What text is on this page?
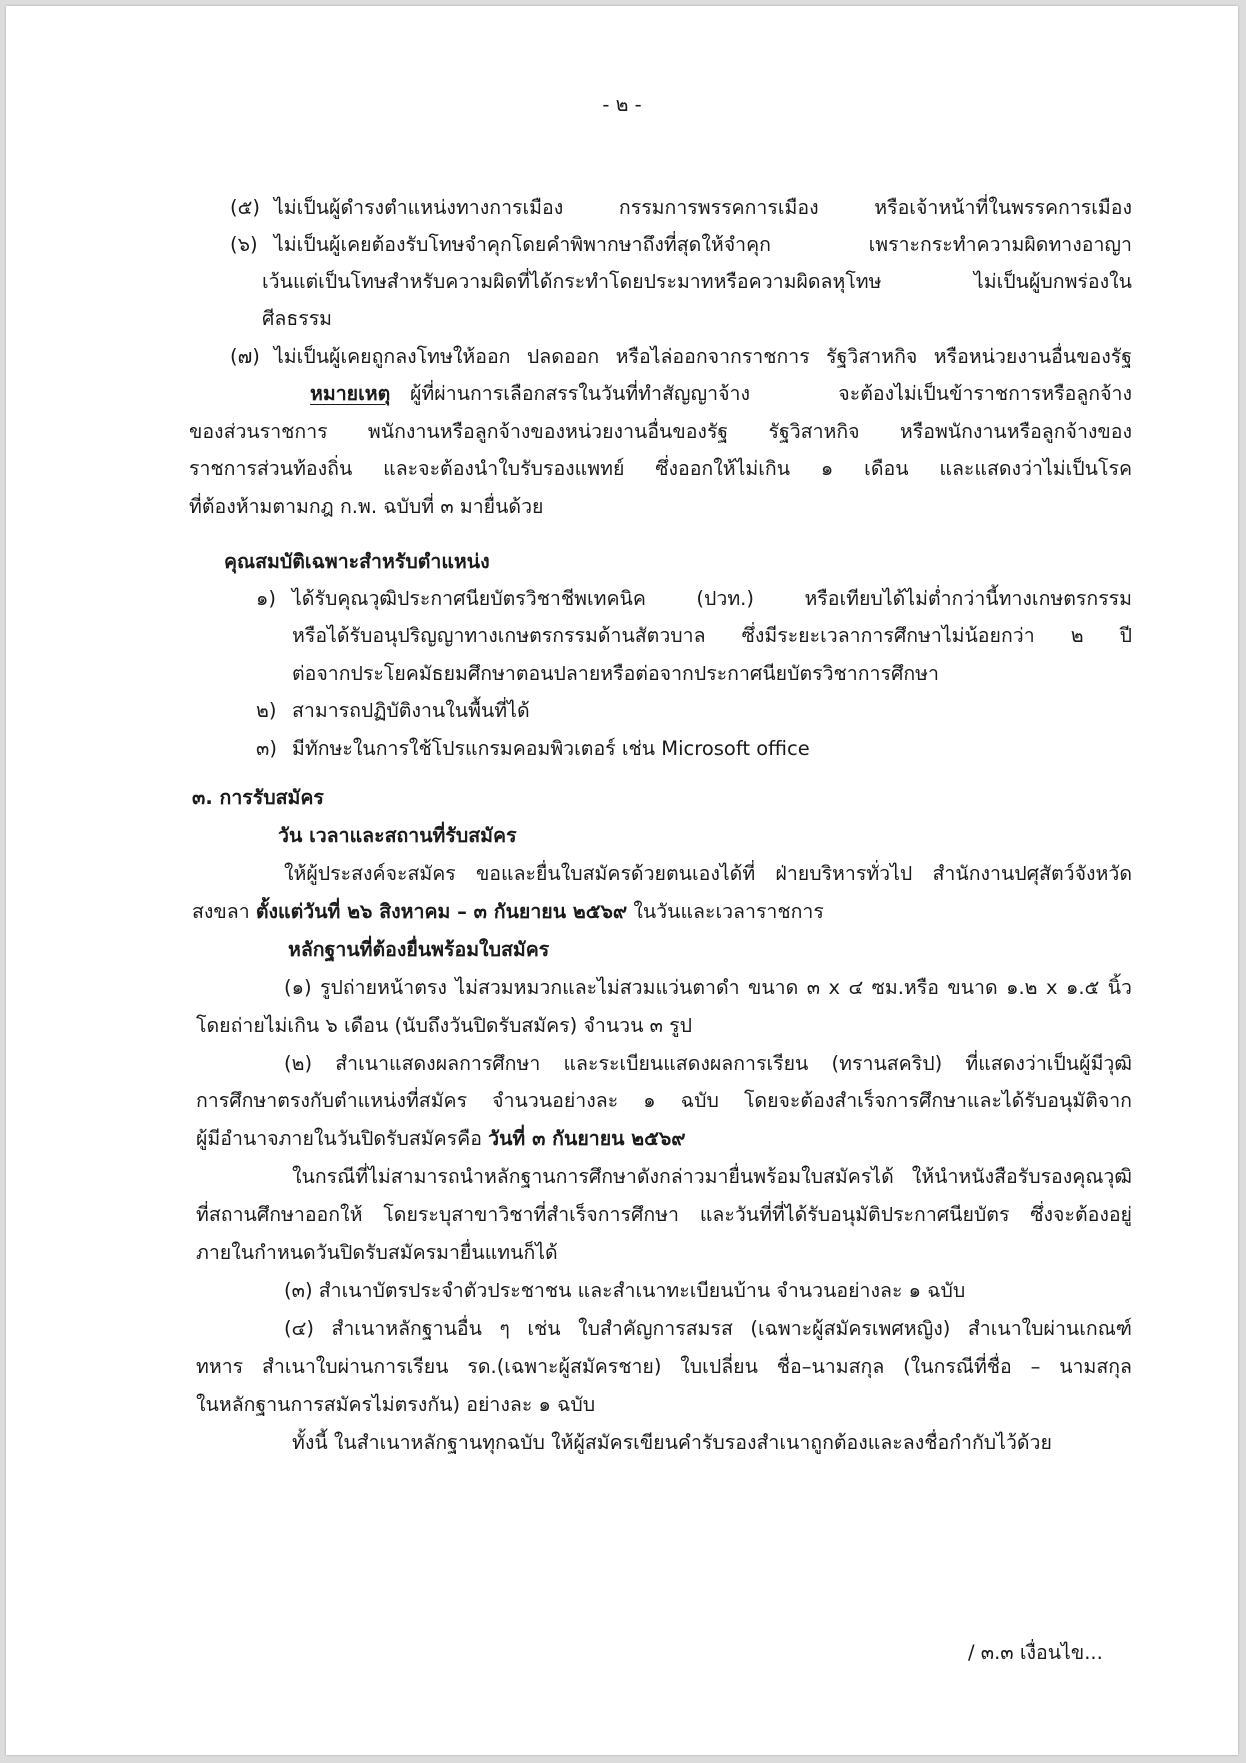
- ๒ -

(๕) ไม่เป็นผู้ดำรงตำแหน่งทางการเมือง กรรมการพรรคการเมือง หรือเจ้าหน้าที่ในพรรคการเมือง
(๖) ไม่เป็นผู้เคยต้องรับโทษจำคุกโดยคำพิพากษาถึงที่สุดให้จำคุก เพราะกระทำความผิดทางอาญา
เว้นแต่เป็นโทษสำหรับความผิดที่ได้กระทำโดยประมาทหรือความผิดลหุโทษ ไม่เป็นผู้บกพร่องใน
ศีลธรรม
(๗) ไม่เป็นผู้เคยถูกลงโทษให้ออก ปลดออก หรือไล่ออกจากราชการ รัฐวิสาหกิจ หรือหน่วยงานอื่นของรัฐ
หมายเหตุ ผู้ที่ผ่านการเลือกสรรในวันที่ทำสัญญาจ้าง จะต้องไม่เป็นข้าราชการหรือลูกจ้าง
ของส่วนราชการ พนักงานหรือลูกจ้างของหน่วยงานอื่นของรัฐ รัฐวิสาหกิจ หรือพนักงานหรือลูกจ้างของ
ราชการส่วนท้องถิ่น และจะต้องนำใบรับรองแพทย์ ซึ่งออกให้ไม่เกิน ๑ เดือน และแสดงว่าไม่เป็นโรค
ที่ต้องห้ามตามกฎ ก.พ. ฉบับที่ ๓ มายื่นด้วย

คุณสมบัติเฉพาะสำหรับตำแหน่ง

๑) ได้รับคุณวุฒิประกาศนียบัตรวิชาชีพเทคนิค (ปวท.) หรือเทียบได้ไม่ต่ำกว่านี้ทางเกษตรกรรม
หรือได้รับอนุปริญญาทางเกษตรกรรมด้านสัตวบาล ซึ่งมีระยะเวลาการศึกษาไม่น้อยกว่า ๒ ปี
ต่อจากประโยคมัธยมศึกษาตอนปลายหรือต่อจากประกาศนียบัตรวิชาการศึกษา
๒) สามารถปฏิบัติงานในพื้นที่ได้
๓) มีทักษะในการใช้โปรแกรมคอมพิวเตอร์ เช่น Microsoft office

๓. การรับสมัคร

วัน เวลาและสถานที่รับสมัคร

ให้ผู้ประสงค์จะสมัคร ขอและยื่นใบสมัครด้วยตนเองได้ที่ ฝ่ายบริหารทั่วไป สำนักงานปศุสัตว์จังหวัด

สงขลา ตั้งแต่วันที่ ๒๖ สิงหาคม – ๓ กันยายน ๒๕๖๙ ในวันและเวลาราชการ

หลักฐานที่ต้องยื่นพร้อมใบสมัคร

(๑) รูปถ่ายหน้าตรง ไม่สวมหมวกและไม่สวมแว่นตาดำ ขนาด ๓ x ๔ ซม.หรือ ขนาด ๑.๒ x ๑.๕ นิ้ว
โดยถ่ายไม่เกิน ๖ เดือน (นับถึงวันปิดรับสมัคร) จำนวน ๓ รูป
(๒) สำเนาแสดงผลการศึกษา และระเบียนแสดงผลการเรียน (ทรานสคริป) ที่แสดงว่าเป็นผู้มีวุฒิ
การศึกษาตรงกับตำแหน่งที่สมัคร จำนวนอย่างละ ๑ ฉบับ โดยจะต้องสำเร็จการศึกษาและได้รับอนุมัติจาก

ผู้มีอำนาจภายในวันปิดรับสมัครคือ วันที่ ๓ กันยายน ๒๕๖๙

ในกรณีที่ไม่สามารถนำหลักฐานการศึกษาดังกล่าวมายื่นพร้อมใบสมัครได้ ให้นำหนังสือรับรองคุณวุฒิ
ที่สถานศึกษาออกให้ โดยระบุสาขาวิชาที่สำเร็จการศึกษา และวันที่ที่ได้รับอนุมัติประกาศนียบัตร ซึ่งจะต้องอยู่
ภายในกำหนดวันปิดรับสมัครมายื่นแทนก็ได้
(๓) สำเนาบัตรประจำตัวประชาชน และสำเนาทะเบียนบ้าน จำนวนอย่างละ ๑ ฉบับ
(๔) สำเนาหลักฐานอื่น ๆ เช่น ใบสำคัญการสมรส (เฉพาะผู้สมัครเพศหญิง) สำเนาใบผ่านเกณฑ์
ทหาร สำเนาใบผ่านการเรียน รด.(เฉพาะผู้สมัครชาย) ใบเปลี่ยน ชื่อ–นามสกุล (ในกรณีที่ชื่อ – นามสกุล
ในหลักฐานการสมัครไม่ตรงกัน) อย่างละ ๑ ฉบับ
ทั้งนี้ ในสำเนาหลักฐานทุกฉบับ ให้ผู้สมัครเขียนคำรับรองสำเนาถูกต้องและลงชื่อกำกับไว้ด้วย

/ ๓.๓ เงื่อนไข...
